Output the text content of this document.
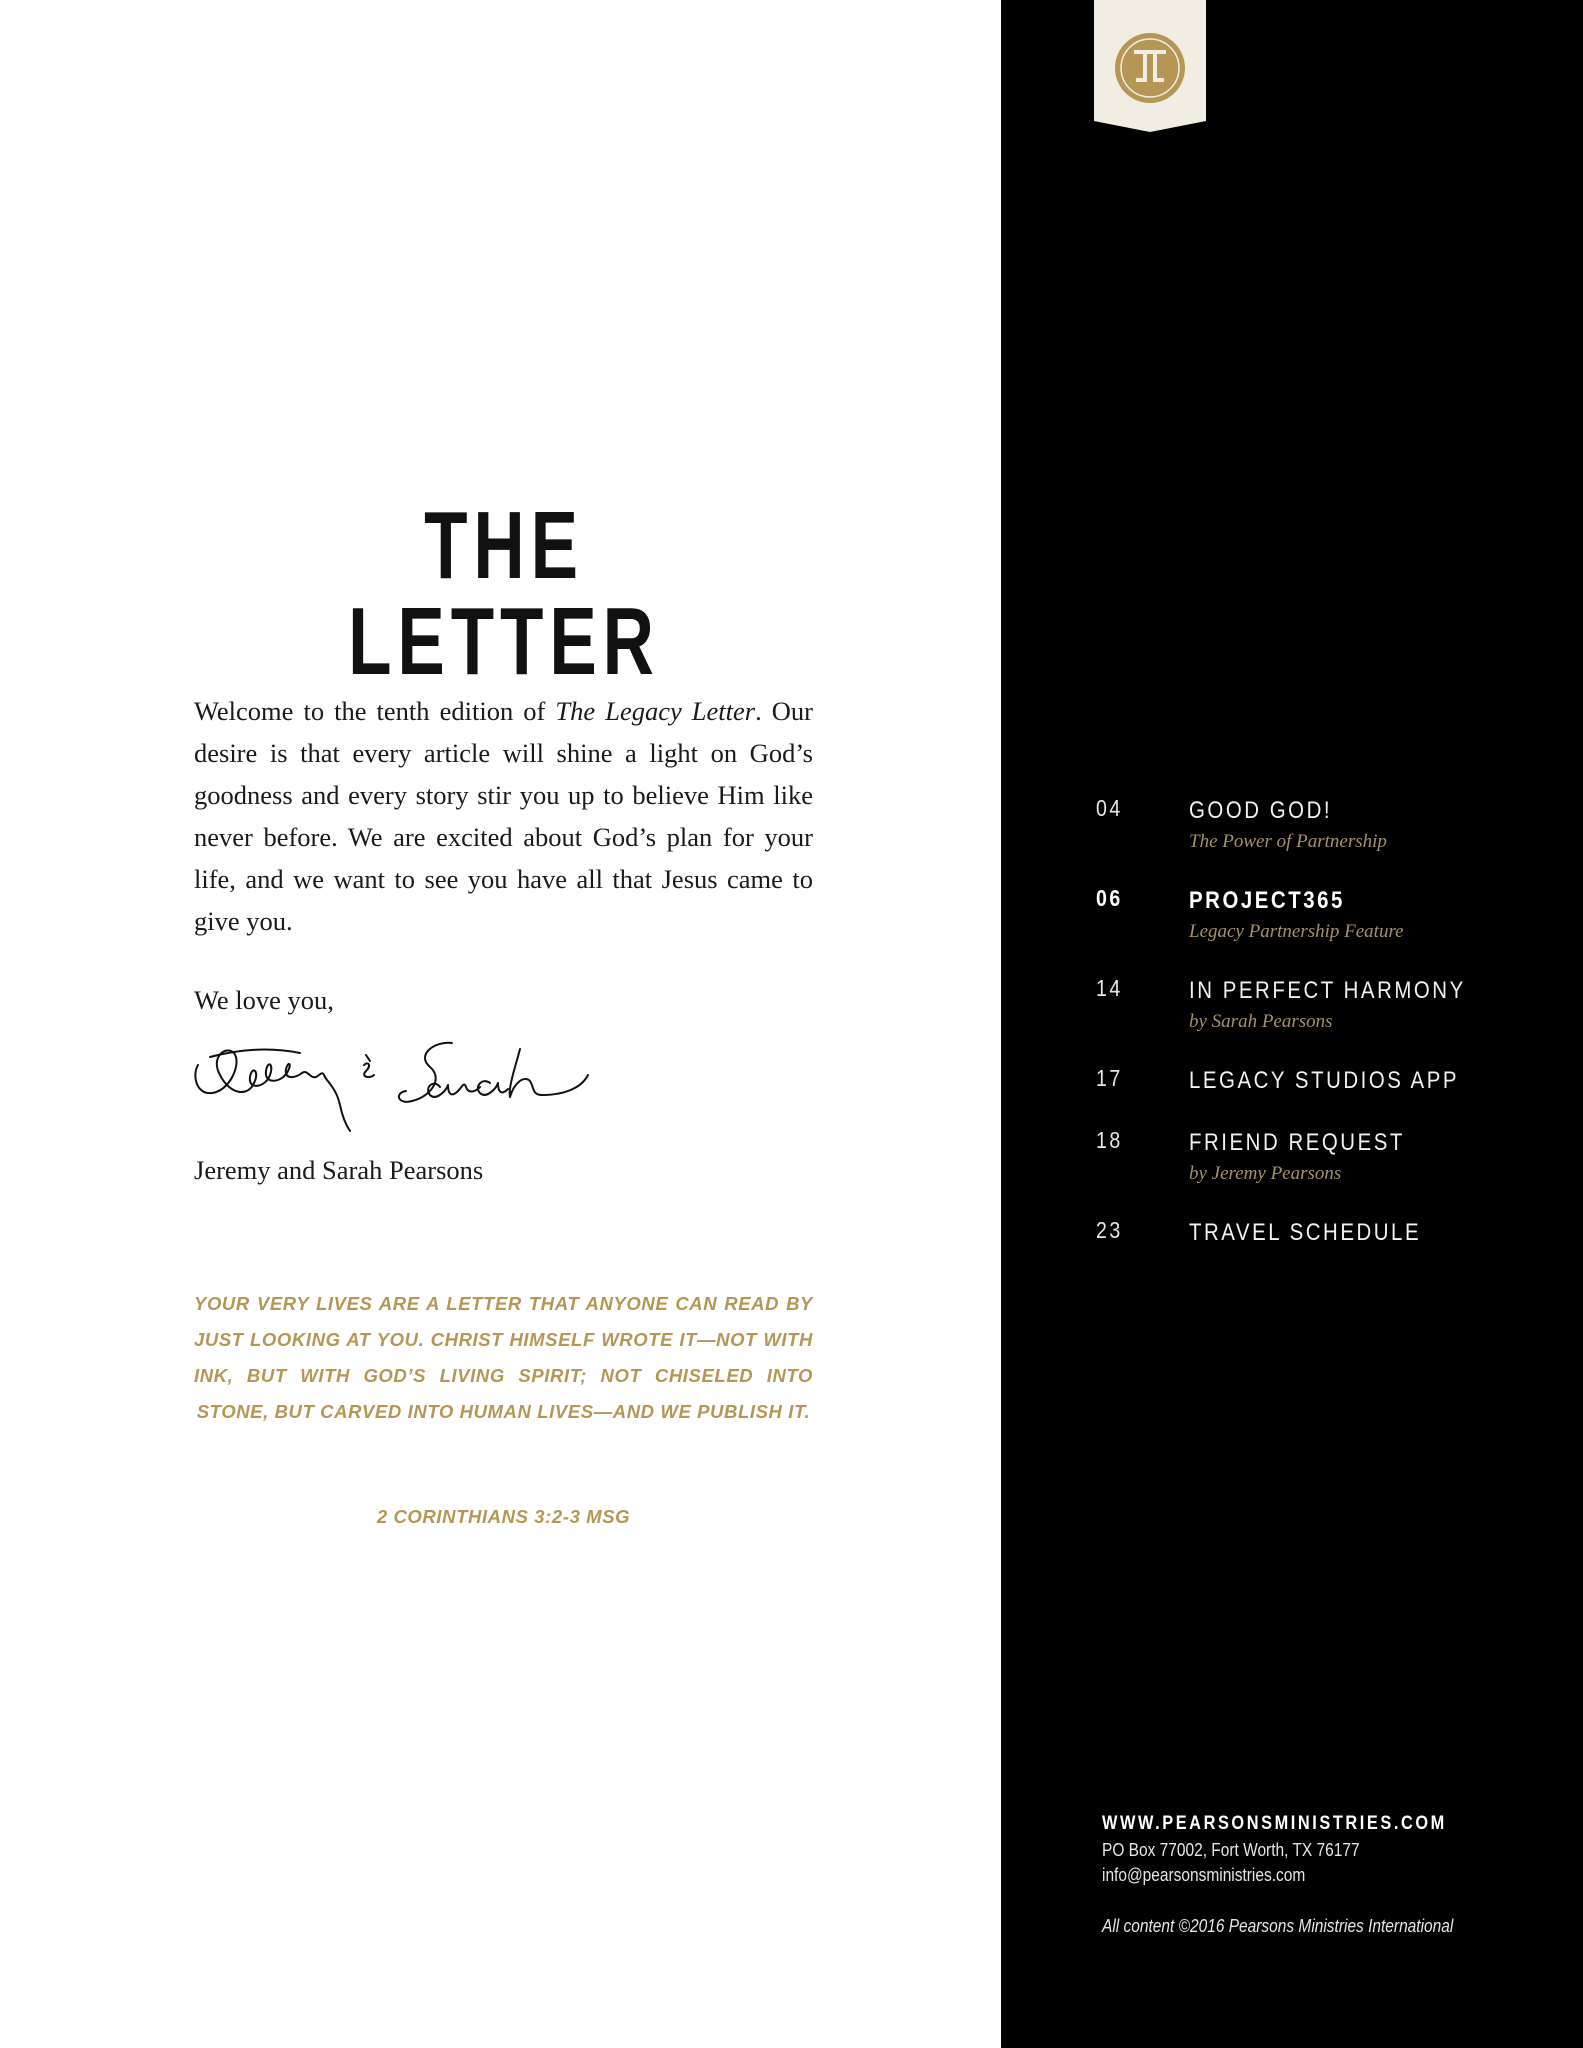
THE LETTER

Welcome to the tenth edition of The Legacy Letter. Our desire is that every article will shine a light on God’s goodness and every story stir you up to believe Him like never before. We are excited about God’s plan for your life, and we want to see you have all that Jesus came to give you.

We love you,

Jeremy and Sarah Pearsons

YOUR VERY LIVES ARE A LETTER THAT ANYONE CAN READ BY JUST LOOKING AT YOU. CHRIST HIMSELF WROTE IT—NOT WITH INK, BUT WITH GOD’S LIVING SPIRIT; NOT CHISELED INTO STONE, BUT CARVED INTO HUMAN LIVES—AND WE PUBLISH IT.

2 CORINTHIANS 3:2-3 MSG

04	GOOD GOD!
The Power of Partnership
06	PROJECT365
Legacy Partnership Feature
14	IN PERFECT HARMONY
by Sarah Pearsons
17	LEGACY STUDIOS APP
18	FRIEND REQUEST
by Jeremy Pearsons
23	TRAVEL SCHEDULE
WWW.PEARSONSMINISTRIES.COM
PO Box 77002, Fort Worth, TX 76177
info@pearsonsministries.com
All content ©2016 Pearsons Ministries International
